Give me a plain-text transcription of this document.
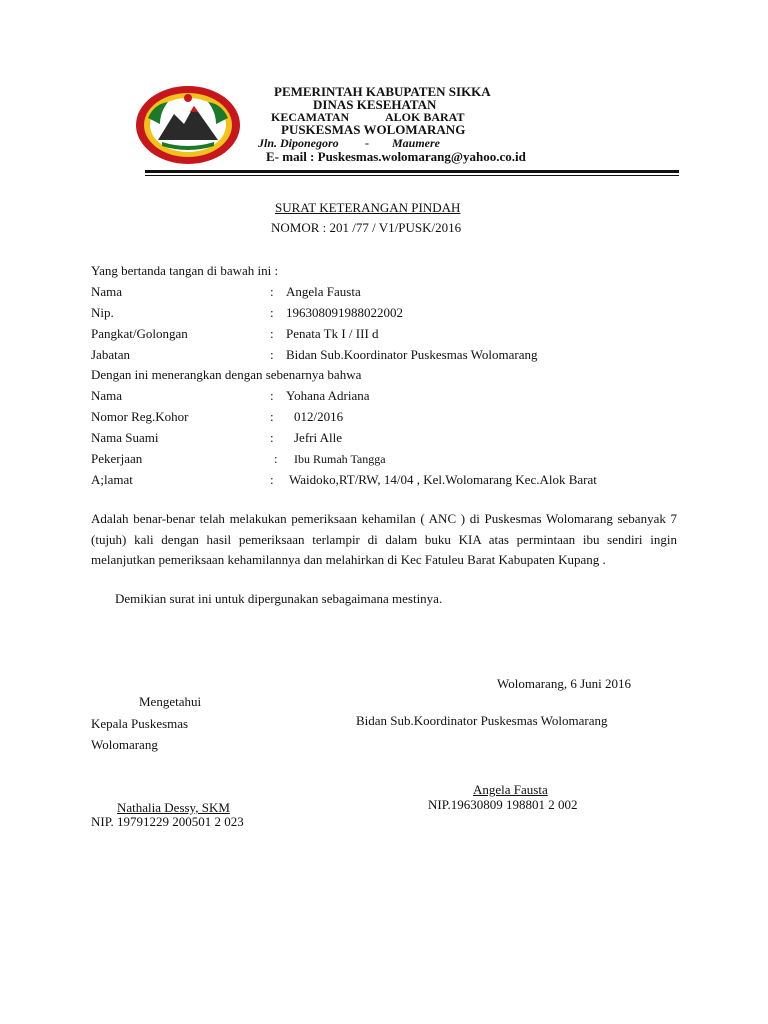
PEMERINTAH KABUPATEN SIKKA
DINAS KESEHATAN
KECAMATAN	ALOK BARAT
PUSKESMAS WOLOMARANG
Jln. Diponegoro - Maumere
E- mail : Puskesmas.wolomarang@yahoo.co.id
SURAT KETERANGAN PINDAH
NOMOR : 201 /77 / V1/PUSK/2016
Yang bertanda tangan di bawah ini :
Nama	: Angela Fausta
Nip.	: 196308091988022002
Pangkat/Golongan	: Penata Tk I / III d
Jabatan	: Bidan Sub.Koordinator Puskesmas Wolomarang
Dengan ini menerangkan dengan sebenarnya bahwa
Nama	: Yohana Adriana
Nomor Reg.Kohor	: 012/2016
Nama Suami	: Jefri Alle
Pekerjaan	: Ibu Rumah Tangga
A;lamat	: Waidoko,RT/RW, 14/04 , Kel.Wolomarang Kec.Alok Barat
Adalah benar-benar telah melakukan pemeriksaan kehamilan ( ANC ) di Puskesmas Wolomarang sebanyak 7 (tujuh) kali dengan hasil pemeriksaan terlampir di dalam buku KIA atas permintaan ibu sendiri ingin melanjutkan pemeriksaan kehamilannya dan melahirkan di Kec Fatuleu Barat Kabupaten Kupang .
Demikian surat ini untuk dipergunakan sebagaimana mestinya.
Wolomarang, 6 Juni 2016
Mengetahui
Kepala Puskesmas
Wolomarang
Nathalia Dessy, SKM
NIP. 19791229 200501 2 023
Bidan Sub.Koordinator Puskesmas Wolomarang
Angela Fausta
NIP.19630809 198801 2 002
